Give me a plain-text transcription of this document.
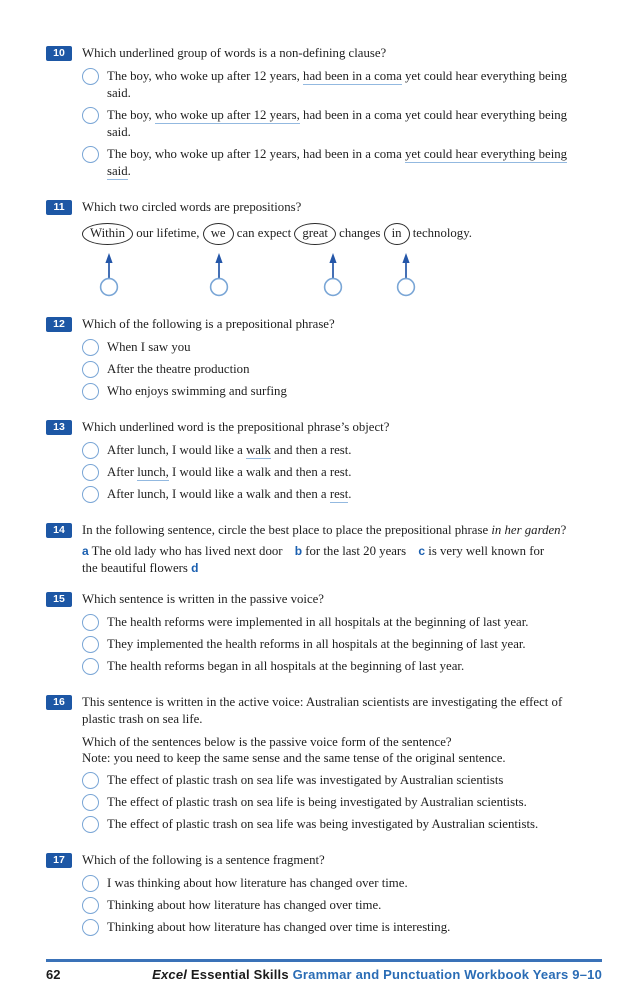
10	Which underlined group of words is a non-defining clause?
The boy, who woke up after 12 years, had been in a coma yet could hear everything being said.
The boy, who woke up after 12 years, had been in a coma yet could hear everything being said.
The boy, who woke up after 12 years, had been in a coma yet could hear everything being said.
11	Which two circled words are prepositions?
Within our lifetime, we can expect great changes in technology.
12	Which of the following is a prepositional phrase?
When I saw you
After the theatre production
Who enjoys swimming and surfing
13	Which underlined word is the prepositional phrase’s object?
After lunch, I would like a walk and then a rest.
After lunch, I would like a walk and then a rest.
After lunch, I would like a walk and then a rest.
14	In the following sentence, circle the best place to place the prepositional phrase in her garden?
a The old lady who has lived next door b for the last 20 years c is very well known for the beautiful flowers d
15	Which sentence is written in the passive voice?
The health reforms were implemented in all hospitals at the beginning of last year.
They implemented the health reforms in all hospitals at the beginning of last year.
The health reforms began in all hospitals at the beginning of last year.
16	This sentence is written in the active voice: Australian scientists are investigating the effect of plastic trash on sea life.
Which of the sentences below is the passive voice form of the sentence?
Note: you need to keep the same sense and the same tense of the original sentence.
The effect of plastic trash on sea life was investigated by Australian scientists
The effect of plastic trash on sea life is being investigated by Australian scientists.
The effect of plastic trash on sea life was being investigated by Australian scientists.
17	Which of the following is a sentence fragment?
I was thinking about how literature has changed over time.
Thinking about how literature has changed over time.
Thinking about how literature has changed over time is interesting.
62	Excel Essential Skills Grammar and Punctuation Workbook Years 9–10
